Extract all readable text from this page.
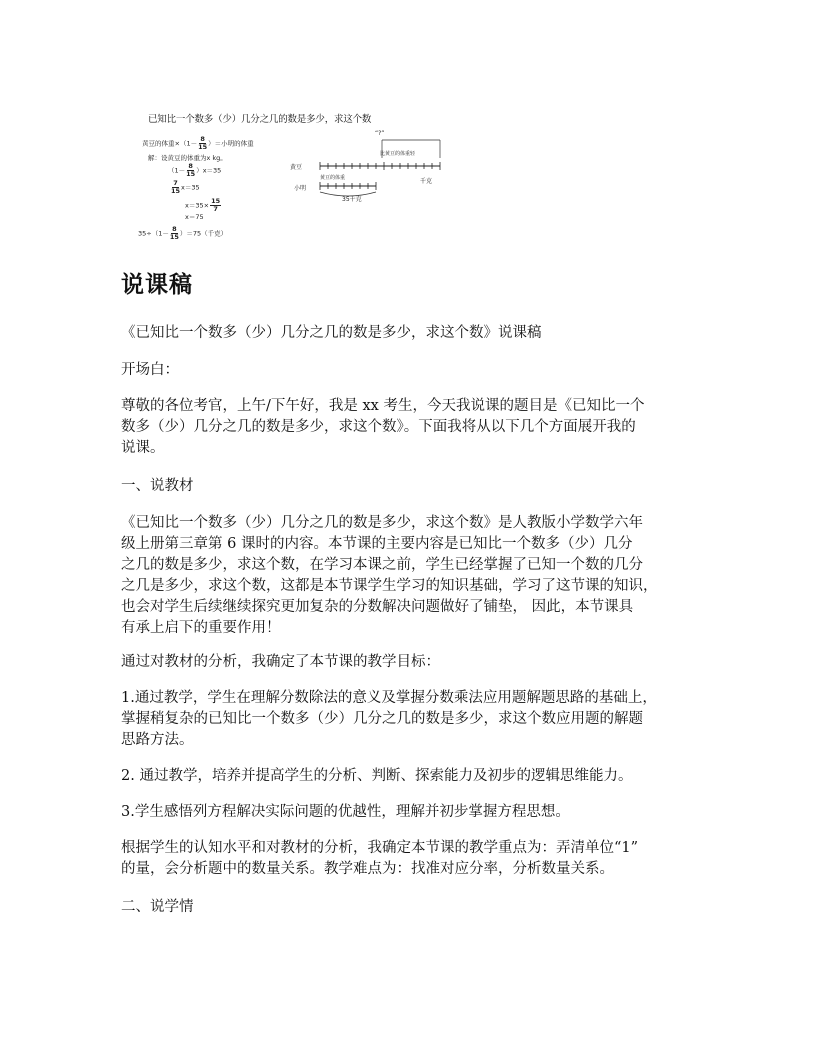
已知比一个数多（少）几分之几的数是多少，求这个数
黄豆的体重$\times(1- \frac{8}{15}$ ）＝小明的体重
解：设黄豆的体重为x kg。
$(1- \frac{8}{15} )x=35$
$\frac{7}{15} x=35$
$x=35\times \frac{15}{7}$
x＝75
$35\div(1- \frac{8}{15} )=75$（千克）
“?”
比黄豆的体重轻
黄豆
小明
黄豆的体重
35千克
千克
说课稿
《已知比一个数多（少）几分之几的数是多少，求这个数》说课稿
开场白：
尊敬的各位考官，上午/下午好，我是 xx 考生，今天我说课的题目是《已知比一个
数多（少）几分之几的数是多少，求这个数》。下面我将从以下几个方面展开我的
说课。
一、说教材
《已知比一个数多（少）几分之几的数是多少，求这个数》是人教版小学数学六年
级上册第三章第 6 课时的内容。本节课的主要内容是已知比一个数多（少）几分
之几的数是多少，求这个数，在学习本课之前，学生已经掌握了已知一个数的几分
之几是多少，求这个数，这都是本节课学生学习的知识基础，学习了这节课的知识，
也会对学生后续继续探究更加复杂的分数解决问题做好了铺垫， 因此，本节课具
有承上启下的重要作用！
通过对教材的分析，我确定了本节课的教学目标：
1.通过教学，学生在理解分数除法的意义及掌握分数乘法应用题解题思路的基础上，
掌握稍复杂的已知比一个数多（少）几分之几的数是多少，求这个数应用题的解题
思路方法。
2. 通过教学，培养并提高学生的分析、判断、探索能力及初步的逻辑思维能力。
3.学生感悟列方程解决实际问题的优越性，理解并初步掌握方程思想。
根据学生的认知水平和对教材的分析，我确定本节课的教学重点为：弄清单位“1”
的量，会分析题中的数量关系。教学难点为：找准对应分率，分析数量关系。
二、说学情
